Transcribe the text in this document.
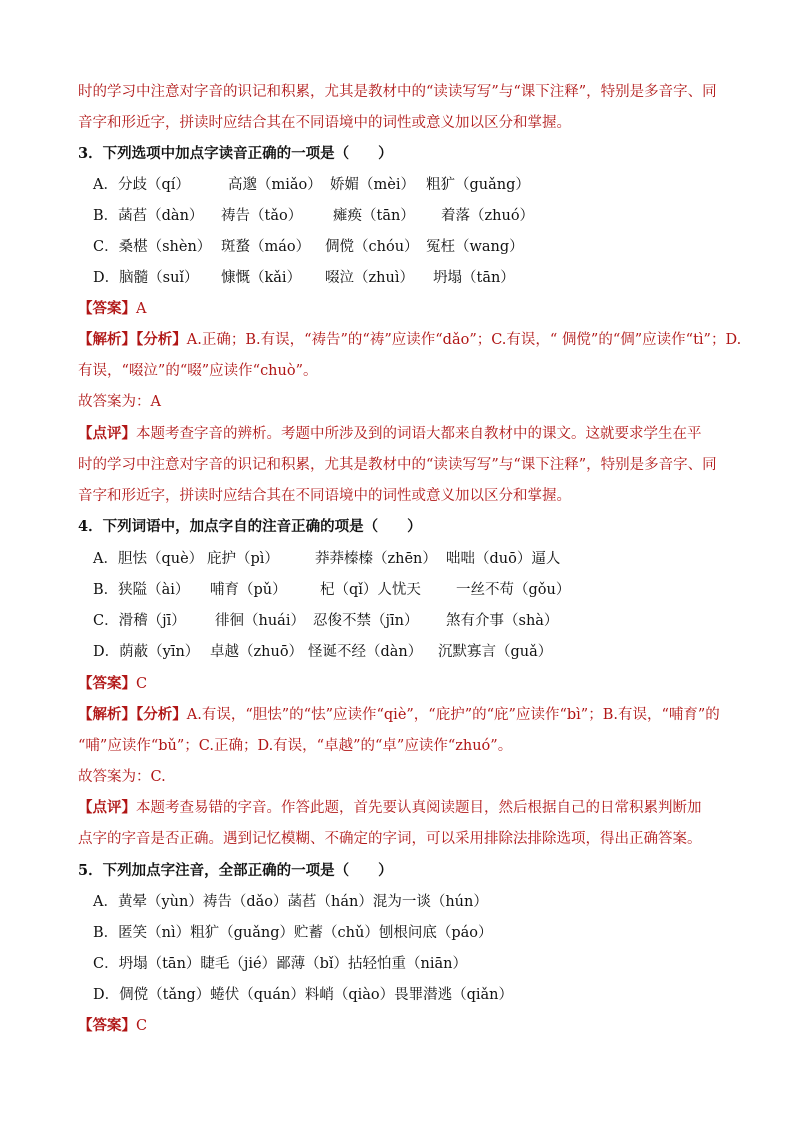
时的学习中注意对字音的识记和积累，尤其是教材中的“读读写写”与“课下注释”，特别是多音字、同
音字和形近字，拼读时应结合其在不同语境中的词性或意义加以区分和掌握。
3．下列选项中加点字读音正确的一项是（　　）
A．分歧（qí）	高邈（miǎo） 娇媚（mèi） 粗犷（guǎng）
B．菡萏（dàn） 祷告（tǎo） 瘫痪（tān） 着落（zhuó）
C．桑椹（shèn） 斑蝥（máo） 倜傥（chóu） 冤枉（wang）
D．脑髓（suǐ） 慷慨（kǎi） 啜泣（zhuì） 坍塌（tān）
【答案】A
【解析】【分析】A.正确；B.有误，“祷告”的“祷”应读作“dǎo”；C.有误，“ 倜傥”的“倜”应读作“tì”；D.
有误，“啜泣”的“啜”应读作“chuò”。
故答案为：A
【点评】本题考查字音的辨析。考题中所涉及到的词语大都来自教材中的课文。这就要求学生在平
时的学习中注意对字音的识记和积累，尤其是教材中的“读读写写”与“课下注释”，特别是多音字、同
音字和形近字，拼读时应结合其在不同语境中的词性或意义加以区分和掌握。
4．下列词语中，加点字自的注音正确的项是（　　）
A．胆怯（què） 庇护（pì） 莽莽榛榛（zhēn） 咄咄（duō）逼人
B．狭隘（ài） 哺育（pǔ） 杞（qǐ）人忧天 一丝不苟（gǒu）
C．滑稽（jī） 徘徊（huái） 忍俊不禁（jīn） 煞有介事（shà）
D．荫蔽（yīn） 卓越（zhuō） 怪诞不经（dàn） 沉默寡言（guǎ）
【答案】C
【解析】【分析】A.有误，“胆怯”的“怯”应读作“qiè”，“庇护”的“庇”应读作“bì”；B.有误，“哺育”的
“哺”应读作“bǔ”；C.正确；D.有误，“卓越”的“卓”应读作“zhuó”。
故答案为：C.
【点评】本题考查易错的字音。作答此题，首先要认真阅读题目，然后根据自己的日常积累判断加
点字的字音是否正确。遇到记忆模糊、不确定的字词，可以采用排除法排除选项，得出正确答案。
5．下列加点字注音，全部正确的一项是（　　）
A．黄晕（yùn）祷告（dǎo）菡萏（hán）混为一谈（hún）
B．匿笑（nì）粗犷（guǎng）贮蓄（chǔ）刨根问底（páo）
C．坍塌（tān）睫毛（jié）鄙薄（bǐ）拈轻怕重（niān）
D．倜傥（tǎng）蜷伏（quán）料峭（qiào）畏罪潜逃（qiǎn）
【答案】C
